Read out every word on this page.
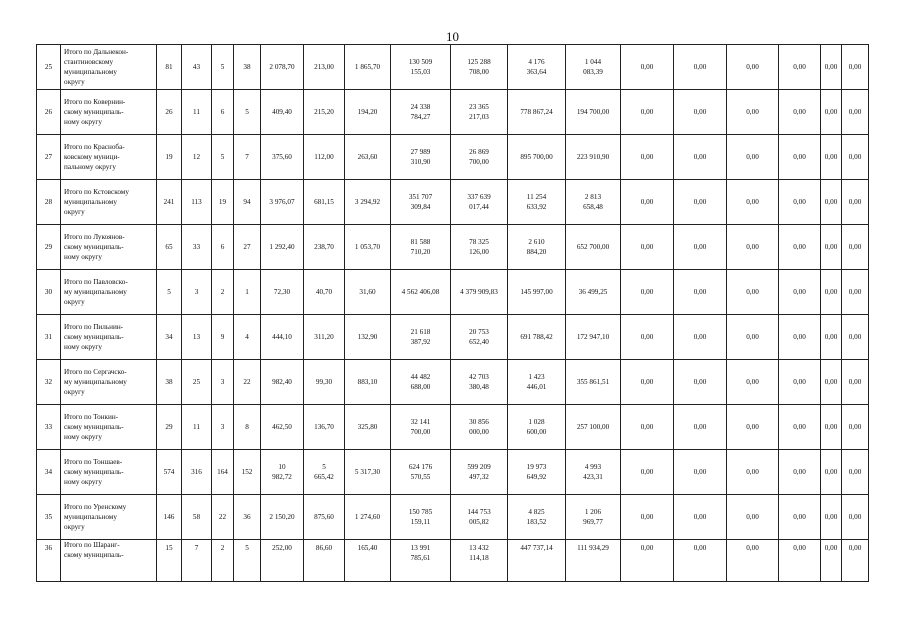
10
25	Итого по Дальнекон-
стантиновскому
муниципальному
округу	81	43	5	38	2 078,70	213,00	1 865,70	130 509
155,03	125 288
708,00	4 176
363,64	1 044
083,39	0,00	0,00	0,00	0,00	0,00	0,00
26	Итого по Ковернин-
скому муниципаль-
ному округу	26	11	6	5	409,40	215,20	194,20	24 338
784,27	23 365
217,03	778 867,24	194 700,00	0,00	0,00	0,00	0,00	0,00	0,00
27	Итого по Краснoба-
ковскому муници-
пальному округу	19	12	5	7	375,60	112,00	263,60	27 989
310,90	26 869
700,00	895 700,00	223 910,90	0,00	0,00	0,00	0,00	0,00	0,00
28	Итого по Кстовскому
муниципальному
округу	241	113	19	94	3 976,07	681,15	3 294,92	351 707
309,84	337 639
017,44	11 254
633,92	2 813
658,48	0,00	0,00	0,00	0,00	0,00	0,00
29	Итого по Лукоянов-
скому муниципаль-
ному округу	65	33	6	27	1 292,40	238,70	1 053,70	81 588
710,20	78 325
126,00	2 610
884,20	652 700,00	0,00	0,00	0,00	0,00	0,00	0,00
30	Итого по Павловско-
му муниципальному
округу	5	3	2	1	72,30	40,70	31,60	4 562 406,08	4 379 909,83	145 997,00	36 499,25	0,00	0,00	0,00	0,00	0,00	0,00
31	Итого по Пильнин-
скому муниципаль-
ному округу	34	13	9	4	444,10	311,20	132,90	21 618
387,92	20 753
652,40	691 788,42	172 947,10	0,00	0,00	0,00	0,00	0,00	0,00
32	Итого по Сергачско-
му муниципальному
округу	38	25	3	22	982,40	99,30	883,10	44 482
688,00	42 703
380,48	1 423
446,01	355 861,51	0,00	0,00	0,00	0,00	0,00	0,00
33	Итого по Тонкин-
скому муниципаль-
ному округу	29	11	3	8	462,50	136,70	325,80	32 141
700,00	30 856
000,00	1 028
600,00	257 100,00	0,00	0,00	0,00	0,00	0,00	0,00
34	Итого по Тоншаев-
скому муниципаль-
ному округу	574	316	164	152	10
982,72	5
665,42	5 317,30	624 176
570,55	599 209
497,32	19 973
649,92	4 993
423,31	0,00	0,00	0,00	0,00	0,00	0,00
35	Итого по Уренскому
муниципальному
округу	146	58	22	36	2 150,20	875,60	1 274,60	150 785
159,11	144 753
005,82	4 825
183,52	1 206
969,77	0,00	0,00	0,00	0,00	0,00	0,00
36	Итого по Шаранг-
скому муниципаль-	15	7	2	5	252,00	86,60	165,40	13 991
785,61	13 432
114,18	447 737,14	111 934,29	0,00	0,00	0,00	0,00	0,00	0,00
